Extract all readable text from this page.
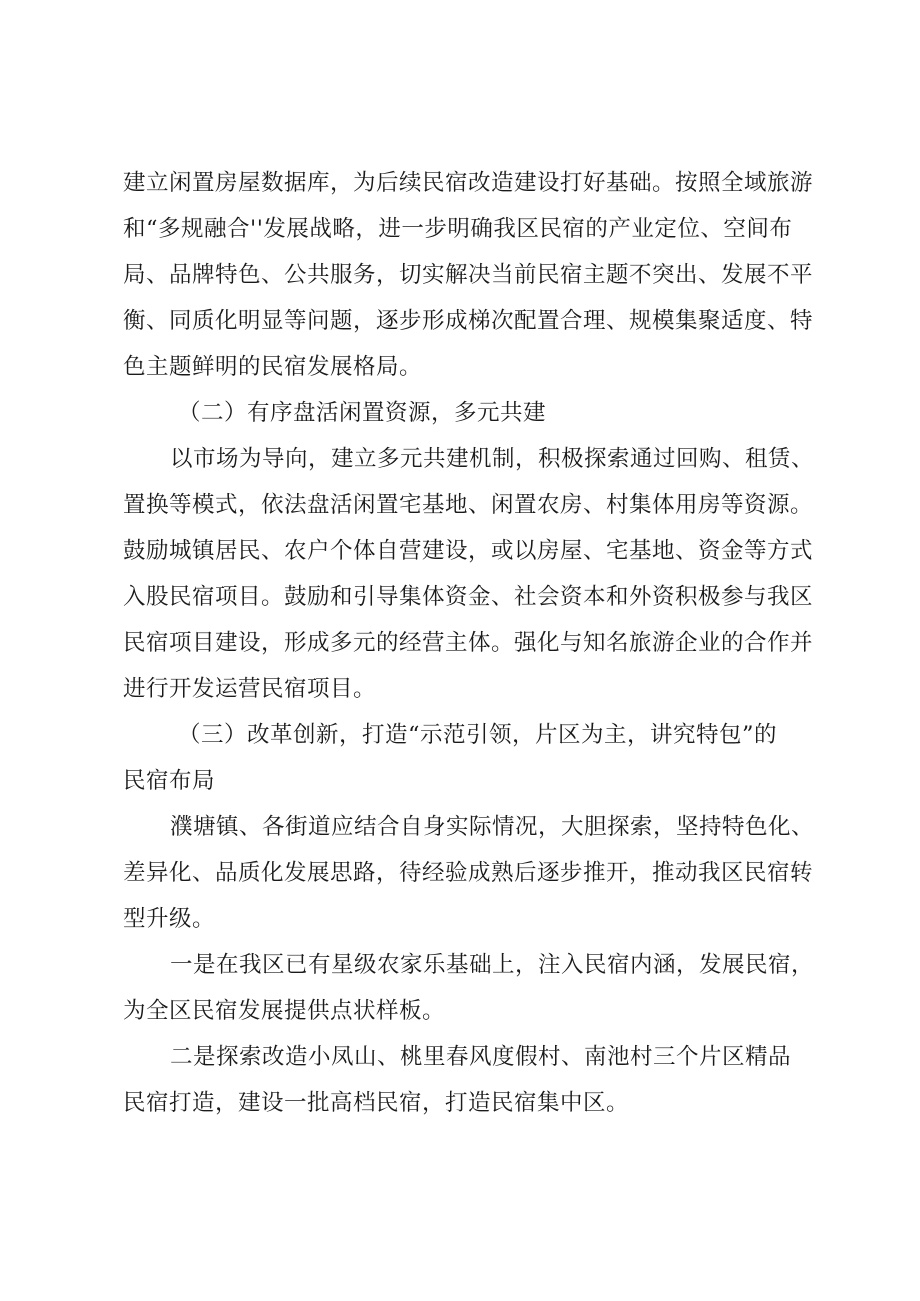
建立闲置房屋数据库，为后续民宿改造建设打好基础。按照全域旅游
和“多规融合''发展战略，进一步明确我区民宿的产业定位、空间布
局、品牌特色、公共服务，切实解决当前民宿主题不突出、发展不平
衡、同质化明显等问题，逐步形成梯次配置合理、规模集聚适度、特
色主题鲜明的民宿发展格局。
（二）有序盘活闲置资源，多元共建
以市场为导向，建立多元共建机制，积极探索通过回购、租赁、
置换等模式，依法盘活闲置宅基地、闲置农房、村集体用房等资源。
鼓励城镇居民、农户个体自营建设，或以房屋、宅基地、资金等方式
入股民宿项目。鼓励和引导集体资金、社会资本和外资积极参与我区
民宿项目建设，形成多元的经营主体。强化与知名旅游企业的合作并
进行开发运营民宿项目。
（三）改革创新，打造“示范引领，片区为主，讲究特包”的
民宿布局
濮塘镇、各街道应结合自身实际情况，大胆探索，坚持特色化、
差异化、品质化发展思路，待经验成熟后逐步推开，推动我区民宿转
型升级。
一是在我区已有星级农家乐基础上，注入民宿内涵，发展民宿，
为全区民宿发展提供点状样板。
二是探索改造小凤山、桃里春风度假村、南池村三个片区精品
民宿打造，建设一批高档民宿，打造民宿集中区。
